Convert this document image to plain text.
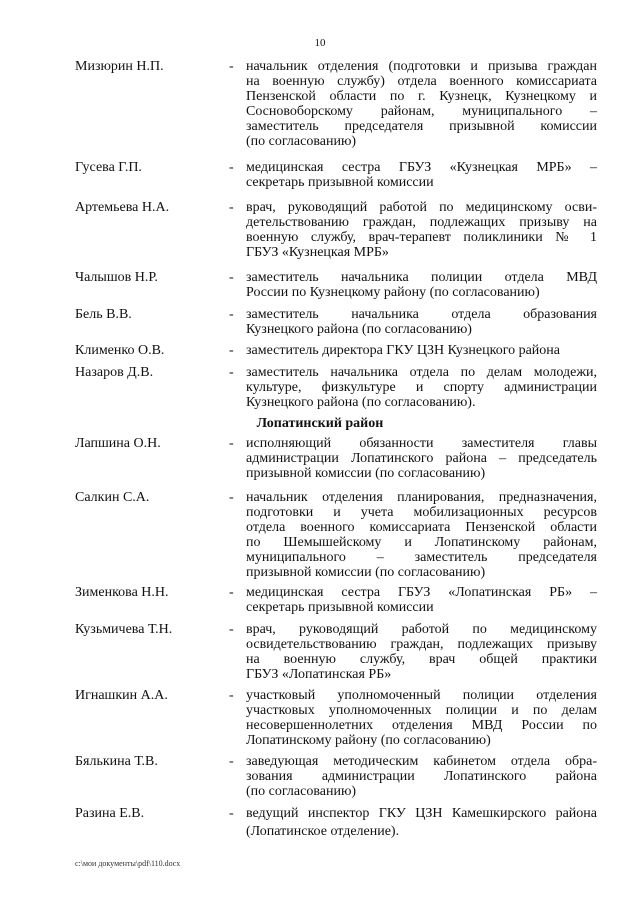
10
Мизюрин Н.П.	- начальник отделения (подготовки и призыва граждан
на военную службу) отдела военного комиссариата
Пензенской области по г. Кузнецк, Кузнецкому и
Сосновоборскому районам, муниципального –
заместитель председателя призывной комиссии
(по согласованию)
Гусева Г.П.	- медицинская сестра ГБУЗ «Кузнецкая МРБ» –
секретарь призывной комиссии
Артемьева Н.А.	- врач, руководящий работой по медицинскому осви-
детельствованию граждан, подлежащих призыву на
военную службу, врач-терапевт поликлиники № 1
ГБУЗ «Кузнецкая МРБ»
Чалышов Н.Р.	- заместитель начальника полиции отдела МВД
России по Кузнецкому району (по согласованию)
Бель В.В.	- заместитель начальника отдела образования
Кузнецкого района (по согласованию)
Клименко О.В.	- заместитель директора ГКУ ЦЗН Кузнецкого района
Назаров Д.В.	- заместитель начальника отдела по делам молодежи,
культуре, физкультуре и спорту администрации
Кузнецкого района (по согласованию).
Лопатинский район
Лапшина О.Н.	- исполняющий обязанности заместителя главы
администрации Лопатинского района – председатель
призывной комиссии (по согласованию)
Салкин С.А.	- начальник отделения планирования, предназначения,
подготовки и учета мобилизационных ресурсов
отдела военного комиссариата Пензенской области
по Шемышейскому и Лопатинскому районам,
муниципального – заместитель председателя
призывной комиссии (по согласованию)
Зименкова Н.Н.	- медицинская сестра ГБУЗ «Лопатинская РБ» –
секретарь призывной комиссии
Кузьмичева Т.Н.	- врач, руководящий работой по медицинскому
освидетельствованию граждан, подлежащих призыву
на военную службу, врач общей практики
ГБУЗ «Лопатинская РБ»
Игнашкин А.А.	- участковый уполномоченный полиции отделения
участковых уполномоченных полиции и по делам
несовершеннолетних отделения МВД России по
Лопатинскому району (по согласованию)
Бялькина Т.В.	- заведующая методическим кабинетом отдела обра-
зования администрации Лопатинского района
(по согласованию)
Разина Е.В.	- ведущий инспектор ГКУ ЦЗН Камешкирского района
(Лопатинское отделение).
c:\мои документы\pdf\110.docx
